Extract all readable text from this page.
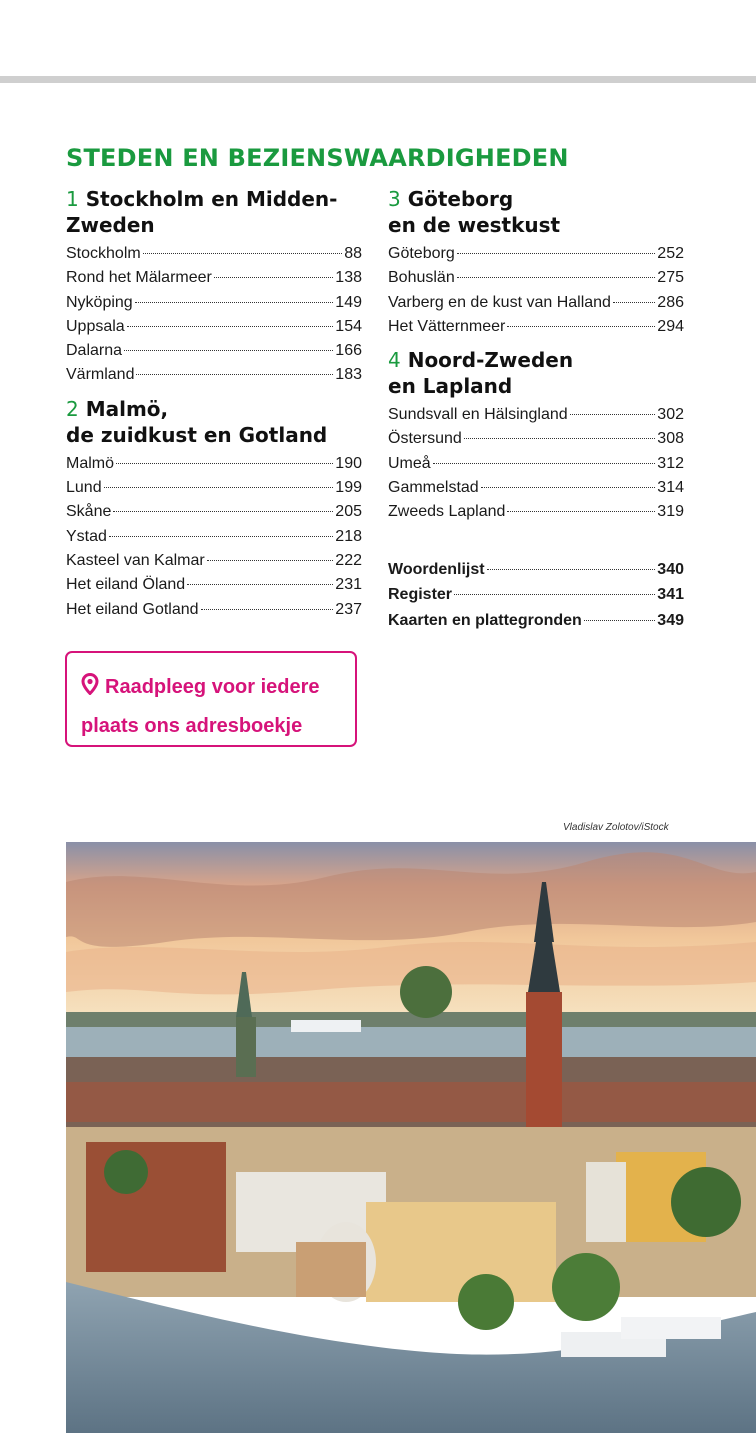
STEDEN EN BEZIENSWAARDIGHEDEN
1 Stockholm en Midden-
Zweden
Stockholm	88
Rond het Mälarmeer	138
Nyköping	149
Uppsala	154
Dalarna	166
Värmland	183
2 Malmö,
de zuidkust en Gotland
Malmö	190
Lund	199
Skåne	205
Ystad	218
Kasteel van Kalmar	222
Het eiland Öland	231
Het eiland Gotland	237
3 Göteborg
en de westkust
Göteborg	252
Bohuslän	275
Varberg en de kust van Halland	286
Het Vätternmeer	294
4 Noord-Zweden
en Lapland
Sundsvall en Hälsingland	302
Östersund	308
Umeå	312
Gammelstad	314
Zweeds Lapland	319
Woordenlijst	340
Register	341
Kaarten en plattegronden	349
Raadpleeg voor iedere
plaats ons adresboekje
Vladislav Zolotov/iStock
